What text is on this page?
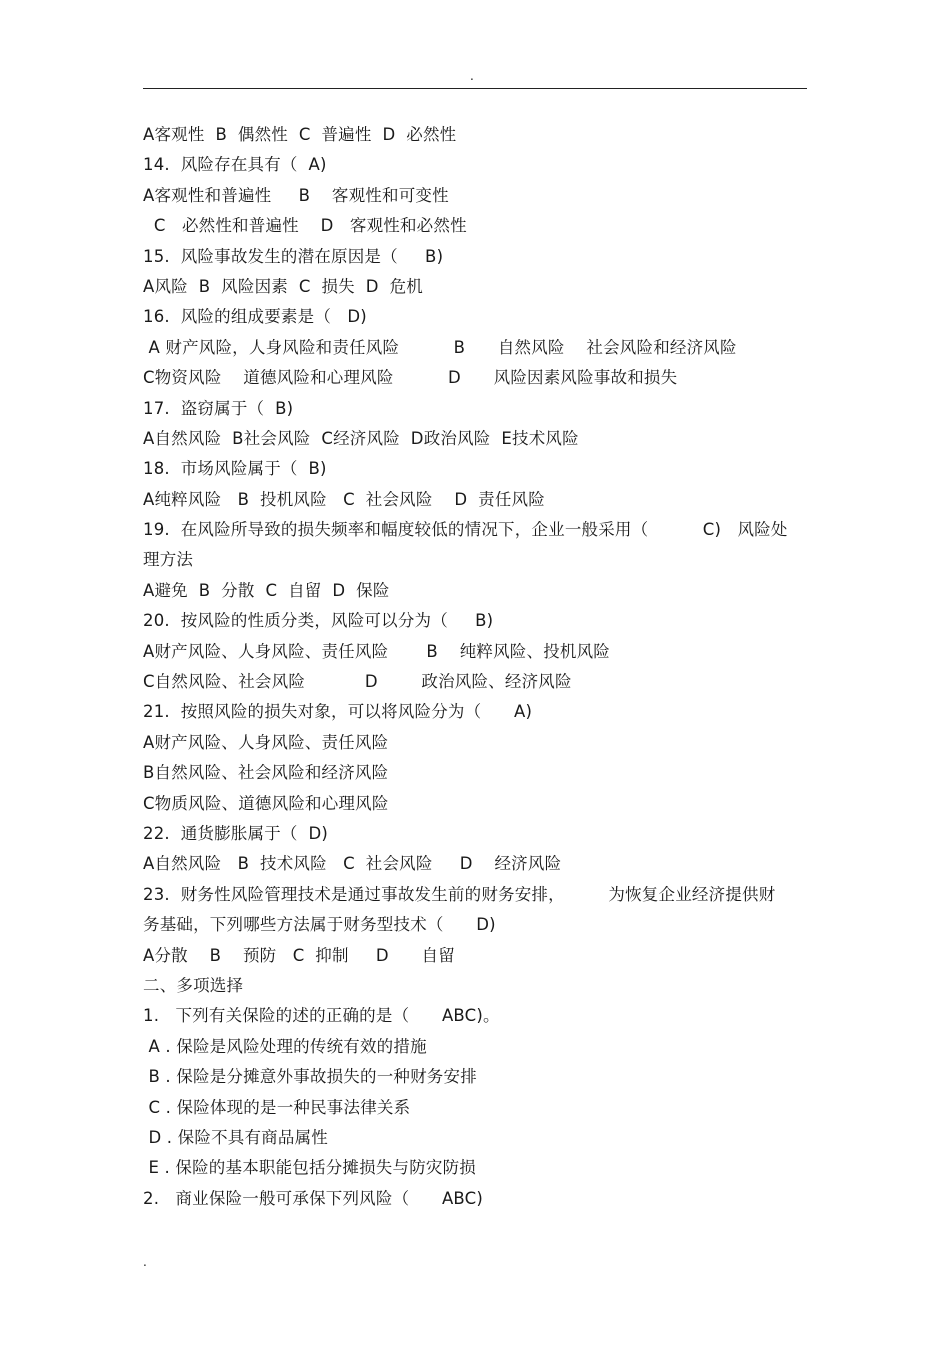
.
A客观性  B  偶然性  C  普遍性  D  必然性
14.  风险存在具有（  A)
A客观性和普遍性     B    客观性和可变性
C   必然性和普遍性    D   客观性和必然性
15.  风险事故发生的潜在原因是（     B)
A风险  B  风险因素  C  损失  D  危机
16.  风险的组成要素是（   D)
A 财产风险，人身风险和责任风险          B      自然风险    社会风险和经济风险
C物资风险    道德风险和心理风险          D      风险因素风险事故和损失
17.  盗窃属于（  B)
A自然风险  B社会风险  C经济风险  D政治风险  E技术风险
18.  市场风险属于（  B)
A纯粹风险   B  投机风险   C  社会风险    D  责任风险
19.  在风险所导致的损失频率和幅度较低的情况下，企业一般采用（          C)   风险处
理方法
A避免  B  分散  C  自留  D  保险
20.  按风险的性质分类，风险可以分为（     B)
A财产风险、人身风险、责任风险       B    纯粹风险、投机风险
C自然风险、社会风险           D        政治风险、经济风险
21.  按照风险的损失对象，可以将风险分为（      A)
A财产风险、人身风险、责任风险
B自然风险、社会风险和经济风险
C物质风险、道德风险和心理风险
22.  通货膨胀属于（  D)
A自然风险   B  技术风险   C  社会风险     D    经济风险
23.  财务性风险管理技术是通过事故发生前的财务安排，        为恢复企业经济提供财
务基础，下列哪些方法属于财务型技术（      D)
A分散    B    预防   C  抑制     D      自留
二、多项选择
1.   下列有关保险的述的正确的是（      ABC)。
A . 保险是风险处理的传统有效的措施
B . 保险是分摊意外事故损失的一种财务安排
C . 保险体现的是一种民事法律关系
D . 保险不具有商品属性
E . 保险的基本职能包括分摊损失与防灾防损
2.   商业保险一般可承保下列风险（      ABC)
.
